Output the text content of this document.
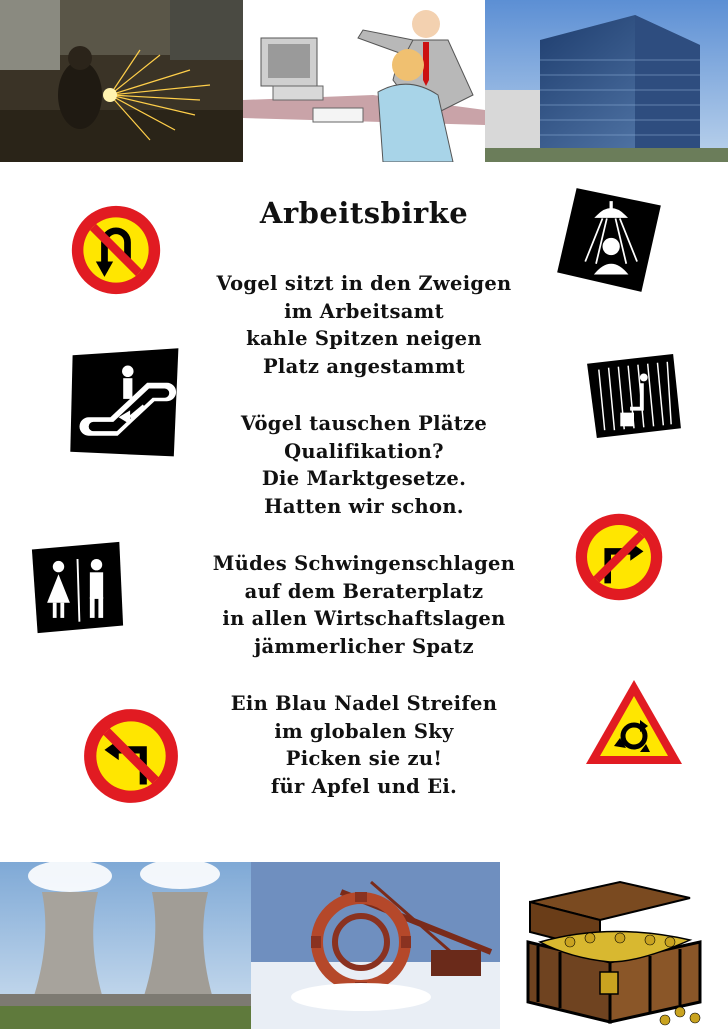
Arbeitsbirke
Vogel sitzt in den Zweigen
im Arbeitsamt
kahle Spitzen neigen
Platz angestammt
Vögel tauschen Plätze
Qualifikation?
Die Marktgesetze.
Hatten wir schon.
Müdes Schwingenschlagen
auf dem Beraterplatz
in allen Wirtschaftslagen
jämmerlicher Spatz
Ein Blau Nadel Streifen
im globalen Sky
Picken sie zu!
für Apfel und Ei.
